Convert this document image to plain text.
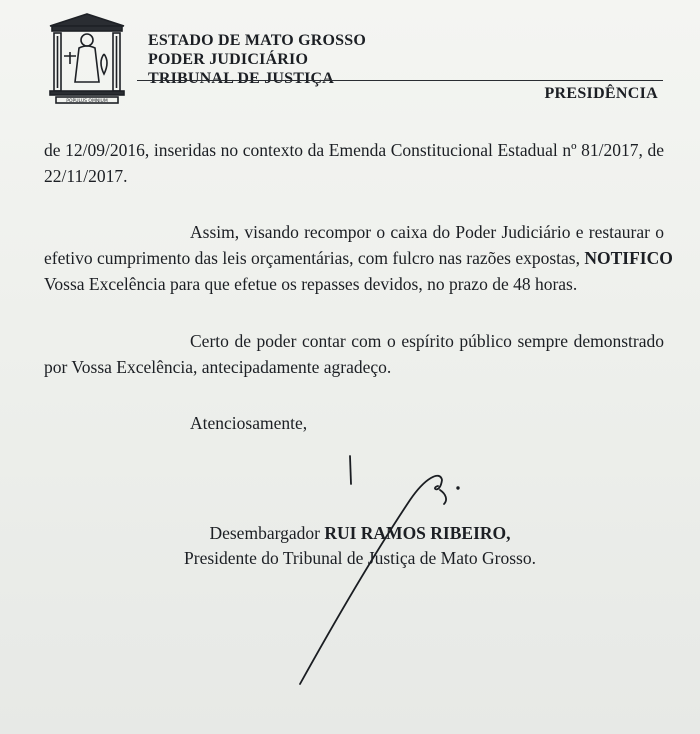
POPULUS OMNIUM
ESTADO DE MATO GROSSO
PODER JUDICIÁRIO
TRIBUNAL DE JUSTIÇA
PRESIDÊNCIA
de 12/09/2016, inseridas no contexto da Emenda Constitucional Estadual nº 81/2017, de
22/11/2017.
Assim, visando recompor o caixa do Poder Judiciário e restaurar o
efetivo cumprimento das leis orçamentárias, com fulcro nas razões expostas, NOTIFICO
Vossa Excelência para que efetue os repasses devidos, no prazo de 48 horas.
Certo de poder contar com o espírito público sempre demonstrado
por Vossa Excelência, antecipadamente agradeço.
Atenciosamente,
Desembargador RUI RAMOS RIBEIRO,
Presidente do Tribunal de Justiça de Mato Grosso.
